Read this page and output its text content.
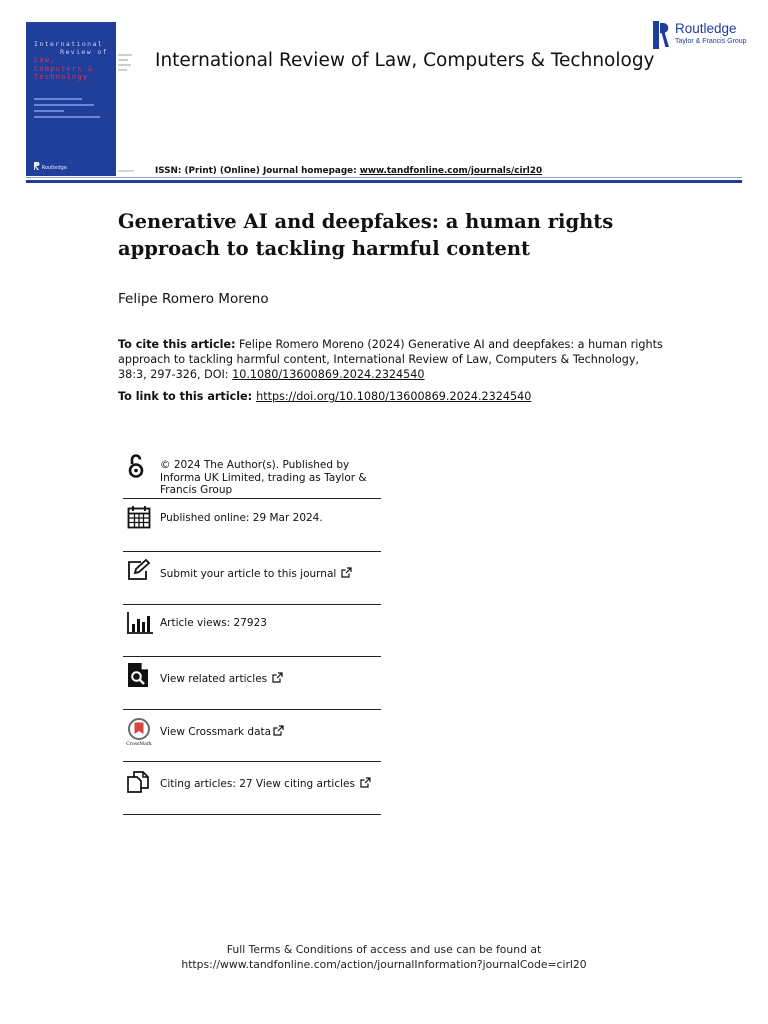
International
Review of
Law,
Computers &
Technology
Routledge
International Review of Law, Computers & Technology
Routledge
Taylor & Francis Group
ISSN: (Print) (Online) Journal homepage: www.tandfonline.com/journals/cirl20
Generative AI and deepfakes: a human rights approach to tackling harmful content
Felipe Romero Moreno
To cite this article: Felipe Romero Moreno (2024) Generative AI and deepfakes: a human rights approach to tackling harmful content, International Review of Law, Computers & Technology, 38:3, 297-326, DOI: 10.1080/13600869.2024.2324540
To link to this article: https://doi.org/10.1080/13600869.2024.2324540
© 2024 The Author(s). Published by Informa UK Limited, trading as Taylor & Francis Group
Published online: 29 Mar 2024.
Submit your article to this journal
Article views: 27923
View related articles
CrossMark
View Crossmark data
Citing articles: 27 View citing articles
Full Terms & Conditions of access and use can be found at
https://www.tandfonline.com/action/journalInformation?journalCode=cirl20
